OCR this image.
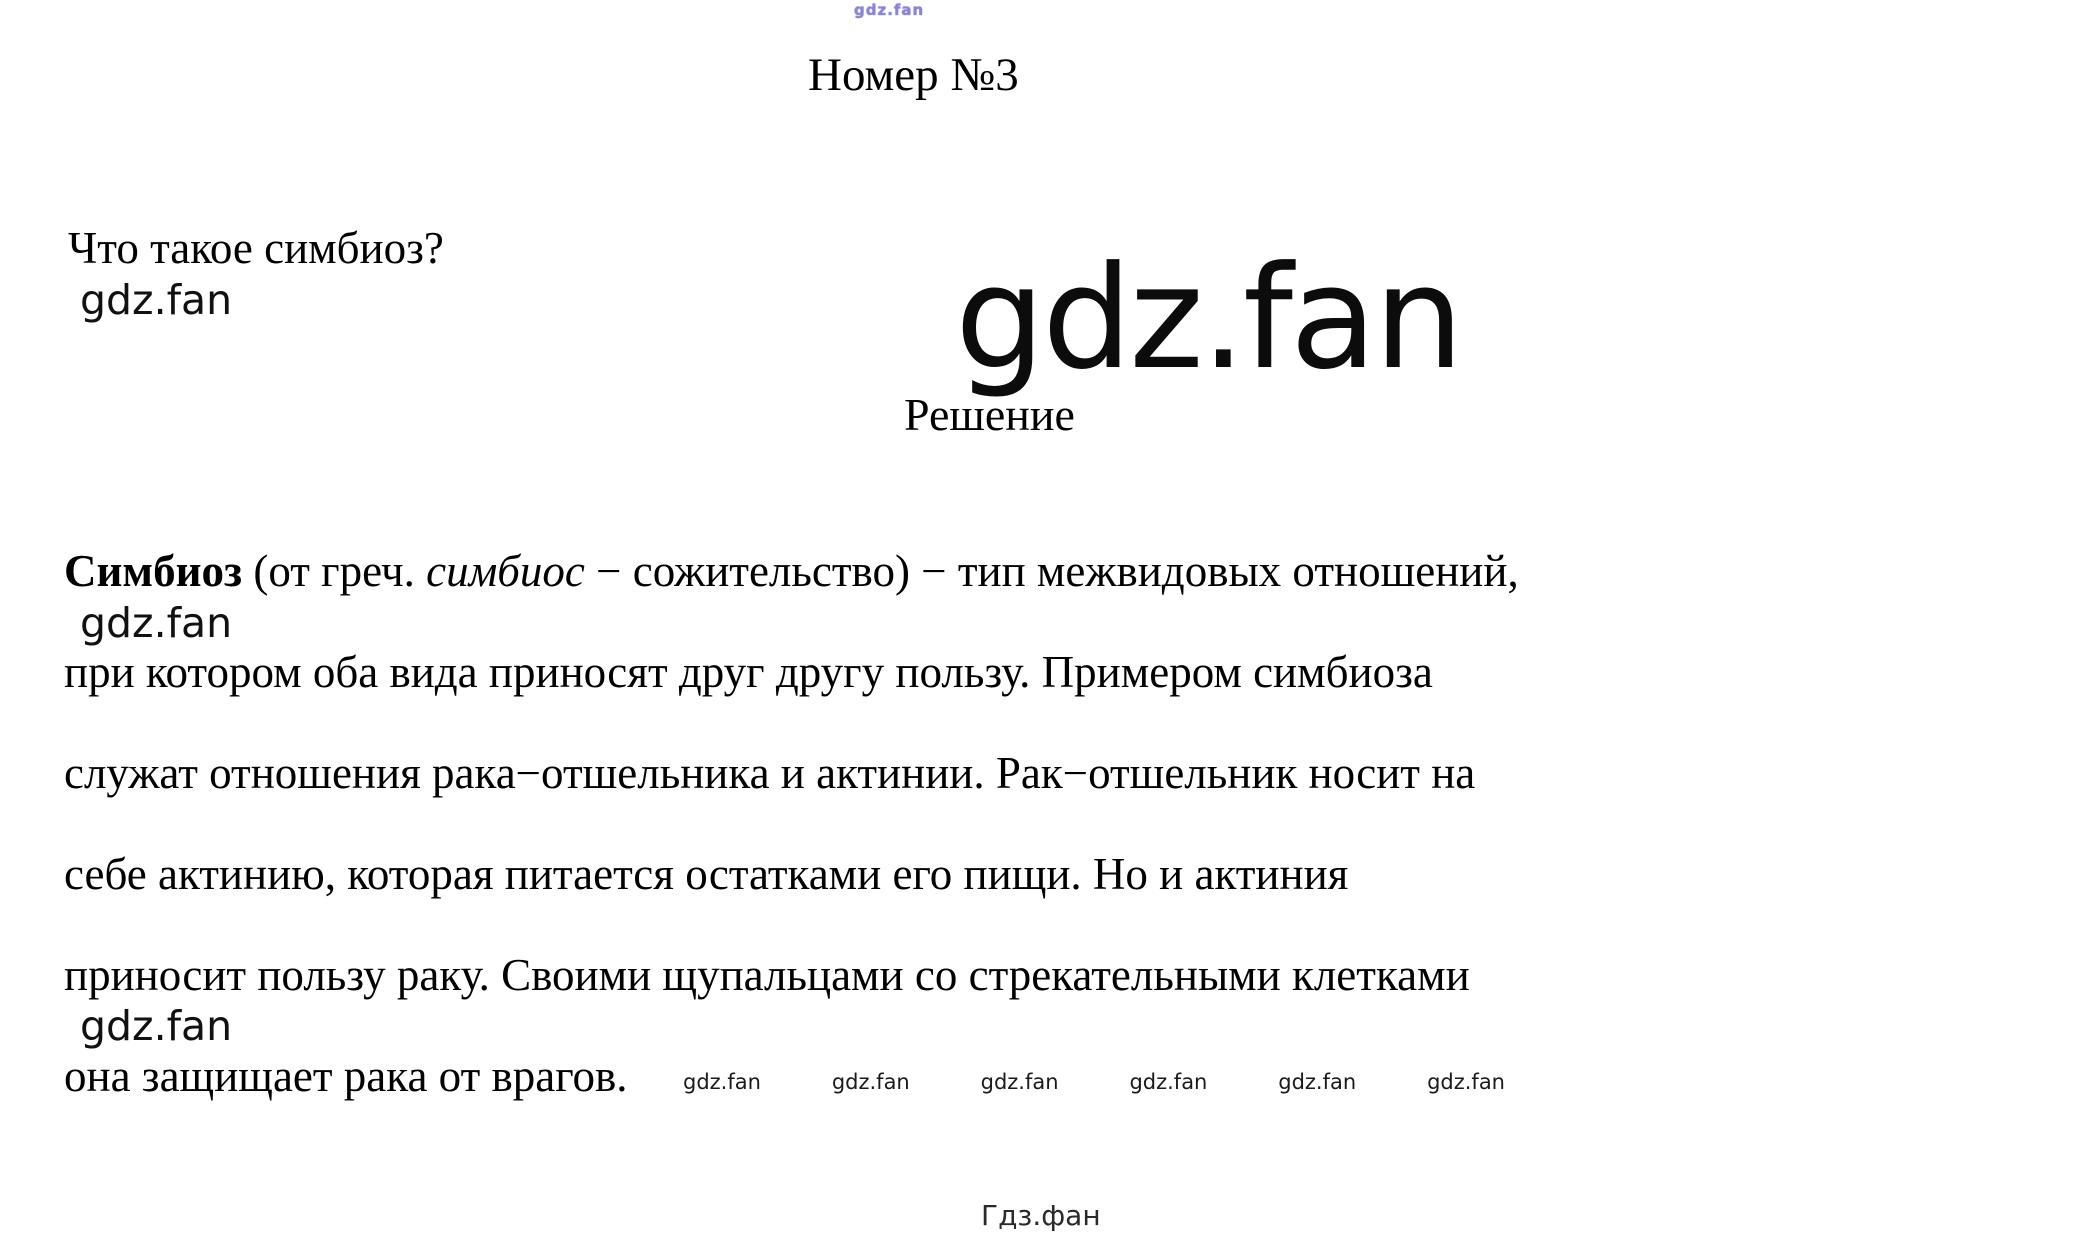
gdz.fan
Номер №3
Что такое симбиоз?
gdz.fan	gdz.fan
Решение
Симбиоз (от греч. симбиос − сожительство) − тип межвидовых отношений,
при котором оба вида приносят друг другу пользу. Примером симбиоза
служат отношения рака−отшельника и актинии. Рак−отшельник носит на
себе актинию, которая питается остатками его пищи. Но и актиния
приносит пользу раку. Своими щупальцами со стрекательными клетками
она защищает рака от врагов.
gdz.fan
gdz.fan
gdz.fan	gdz.fan	gdz.fan	gdz.fan	gdz.fan	gdz.fan
Гдз.фан
